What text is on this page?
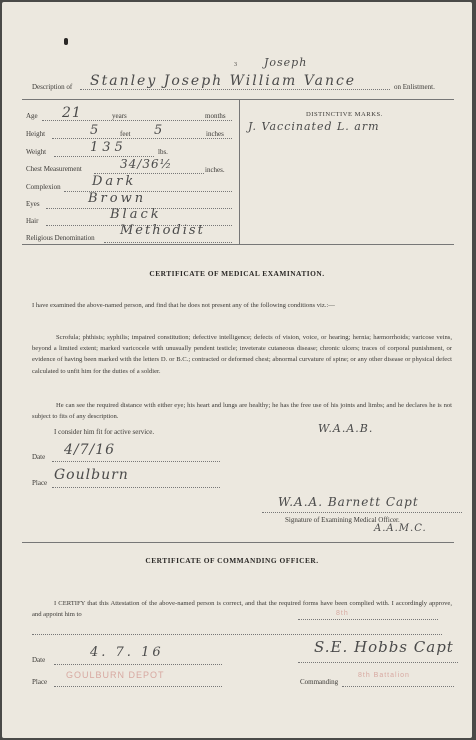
3
Description of
Joseph
Stanley Joseph William Vance	on Enlistment.
Age 21	years	months
Height	5	feet 5	inches
Weight	135	lbs.
Chest Measurement	34/36½	inches.
Complexion Dark
Eyes	Brown
Hair	Black
Religious Denomination Methodist
DISTINCTIVE MARKS.
J. Vaccinated L. arm
CERTIFICATE OF MEDICAL EXAMINATION.
I have examined the above-named person, and find that he does not present any of the following conditions viz.:—
Scrofula; phthisis; syphilis; impaired constitution; defective intelligence; defects of vision, voice, or hearing; hernia; hæmorrhoids; varicose veins, beyond a limited extent; marked varicocele with unusually pendent testicle; inveterate cutaneous disease; chronic ulcers; traces of corporal punishment, or evidence of having been marked with the letters D. or B.C.; contracted or deformed chest; abnormal curvature of spine; or any other disease or physical defect calculated to unfit him for the duties of a soldier.
He can see the required distance with either eye; his heart and lungs are healthy; he has the free use of his joints and limbs; and he declares he is not subject to fits of any description.
I consider him fit for active service.	W.A.A.B.
Date 4/7/16
Place Goulburn
W.A.A. Barnett Capt
Signature of Examining Medical Officer.
A.A.M.C.
CERTIFICATE OF COMMANDING OFFICER.
I CERTIFY that this Attestation of the above-named person is correct, and that the required forms have been complied with. I accordingly approve, and appoint him to	8th
Date	4. 7. 16	S.E. Hobbs Capt
Place
GOULBURN DEPOT
Commanding
8th Battalion
